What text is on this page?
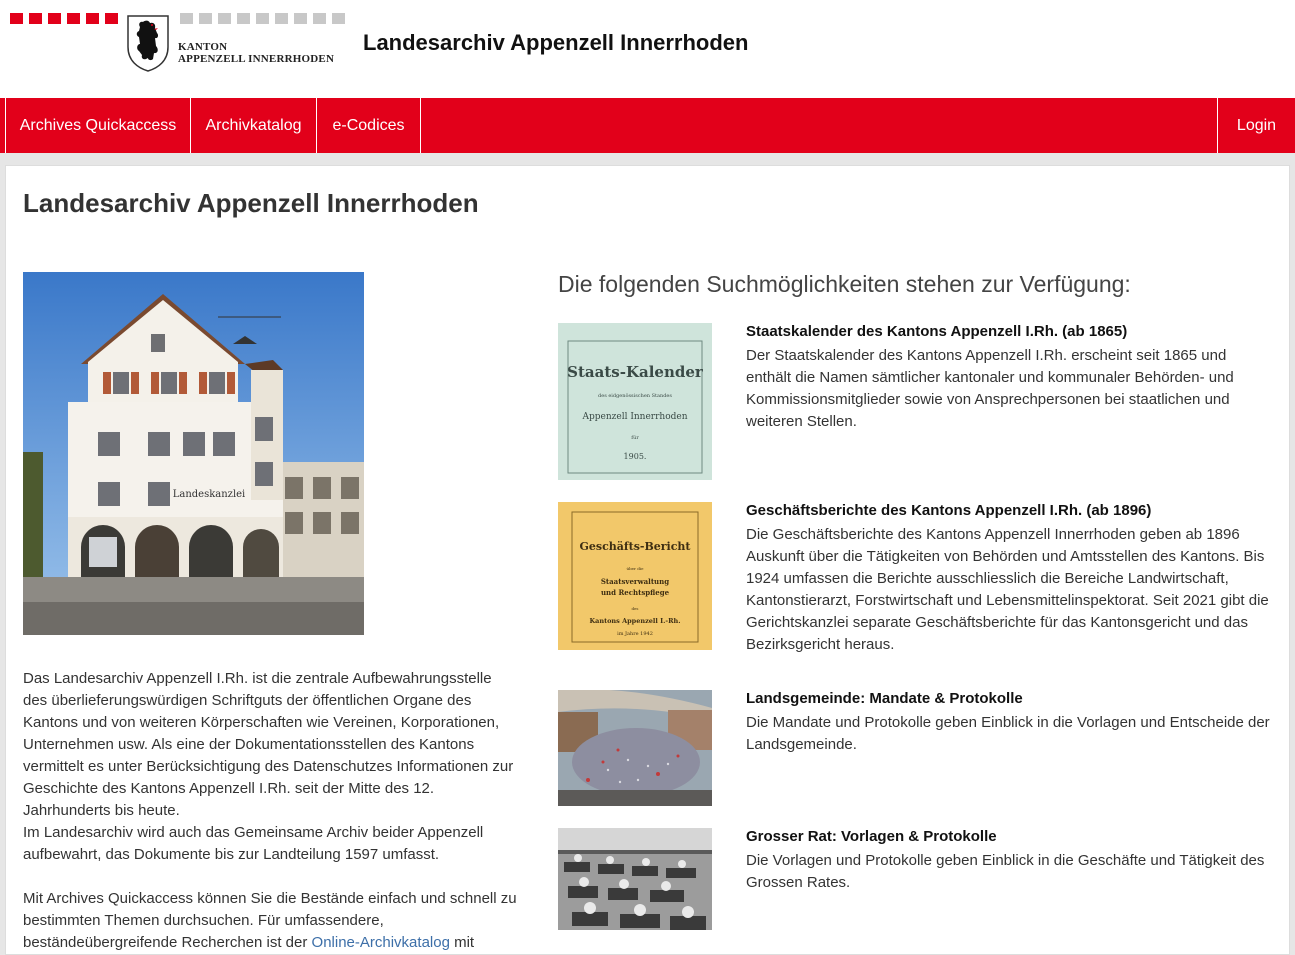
KANTON
APPENZELL INNERRHODEN
Landesarchiv Appenzell Innerrhoden
Archives Quickaccess	Archivkatalog	e-Codices	Login
Landesarchiv Appenzell Innerrhoden
Landeskanzlei

Das Landesarchiv Appenzell I.Rh. ist die zentrale Aufbewahrungsstelle des überlieferungswürdigen Schriftguts der öffentlichen Organe des Kantons und von weiteren Körperschaften wie Vereinen, Korporationen, Unternehmen usw. Als eine der Dokumentationsstellen des Kantons vermittelt es unter Berücksichtigung des Datenschutzes Informationen zur Geschichte des Kantons Appenzell I.Rh. seit der Mitte des 12. Jahrhunderts bis heute.

Im Landesarchiv wird auch das Gemeinsame Archiv beider Appenzell aufbewahrt, das Dokumente bis zur Landteilung 1597 umfasst.

Mit Archives Quickaccess können Sie die Bestände einfach und schnell zu bestimmten Themen durchsuchen. Für umfassendere, beständeübergreifende Recherchen ist der Online-Archivkatalog mit

Die folgenden Suchmöglichkeiten stehen zur Verfügung:
Staats-Kalender
des eidgenössischen Standes
Appenzell Innerrhoden
für
1905.
Staatskalender des Kantons Appenzell I.Rh. (ab 1865)
Der Staatskalender des Kantons Appenzell I.Rh. erscheint seit 1865 und enthält die Namen sämtlicher kantonaler und kommunaler Behörden- und Kommissionsmitglieder sowie von Ansprechpersonen bei staatlichen und weiteren Stellen.
Geschäfts-Bericht
über die
Staatsverwaltung
und Rechtspflege
des
Kantons Appenzell I.-Rh.
im Jahre 1942
Geschäftsberichte des Kantons Appenzell I.Rh. (ab 1896)
Die Geschäftsberichte des Kantons Appenzell Innerrhoden geben ab 1896 Auskunft über die Tätigkeiten von Behörden und Amtsstellen des Kantons. Bis 1924 umfassen die Berichte ausschliesslich die Bereiche Landwirtschaft, Kantonstierarzt, Forstwirtschaft und Lebensmittelinspektorat. Seit 2021 gibt die Gerichtskanzlei separate Geschäftsberichte für das Kantonsgericht und das Bezirksgericht heraus.
Landsgemeinde: Mandate & Protokolle
Die Mandate und Protokolle geben Einblick in die Vorlagen und Entscheide der Landsgemeinde.
Grosser Rat: Vorlagen & Protokolle
Die Vorlagen und Protokolle geben Einblick in die Geschäfte und Tätigkeit des Grossen Rates.
